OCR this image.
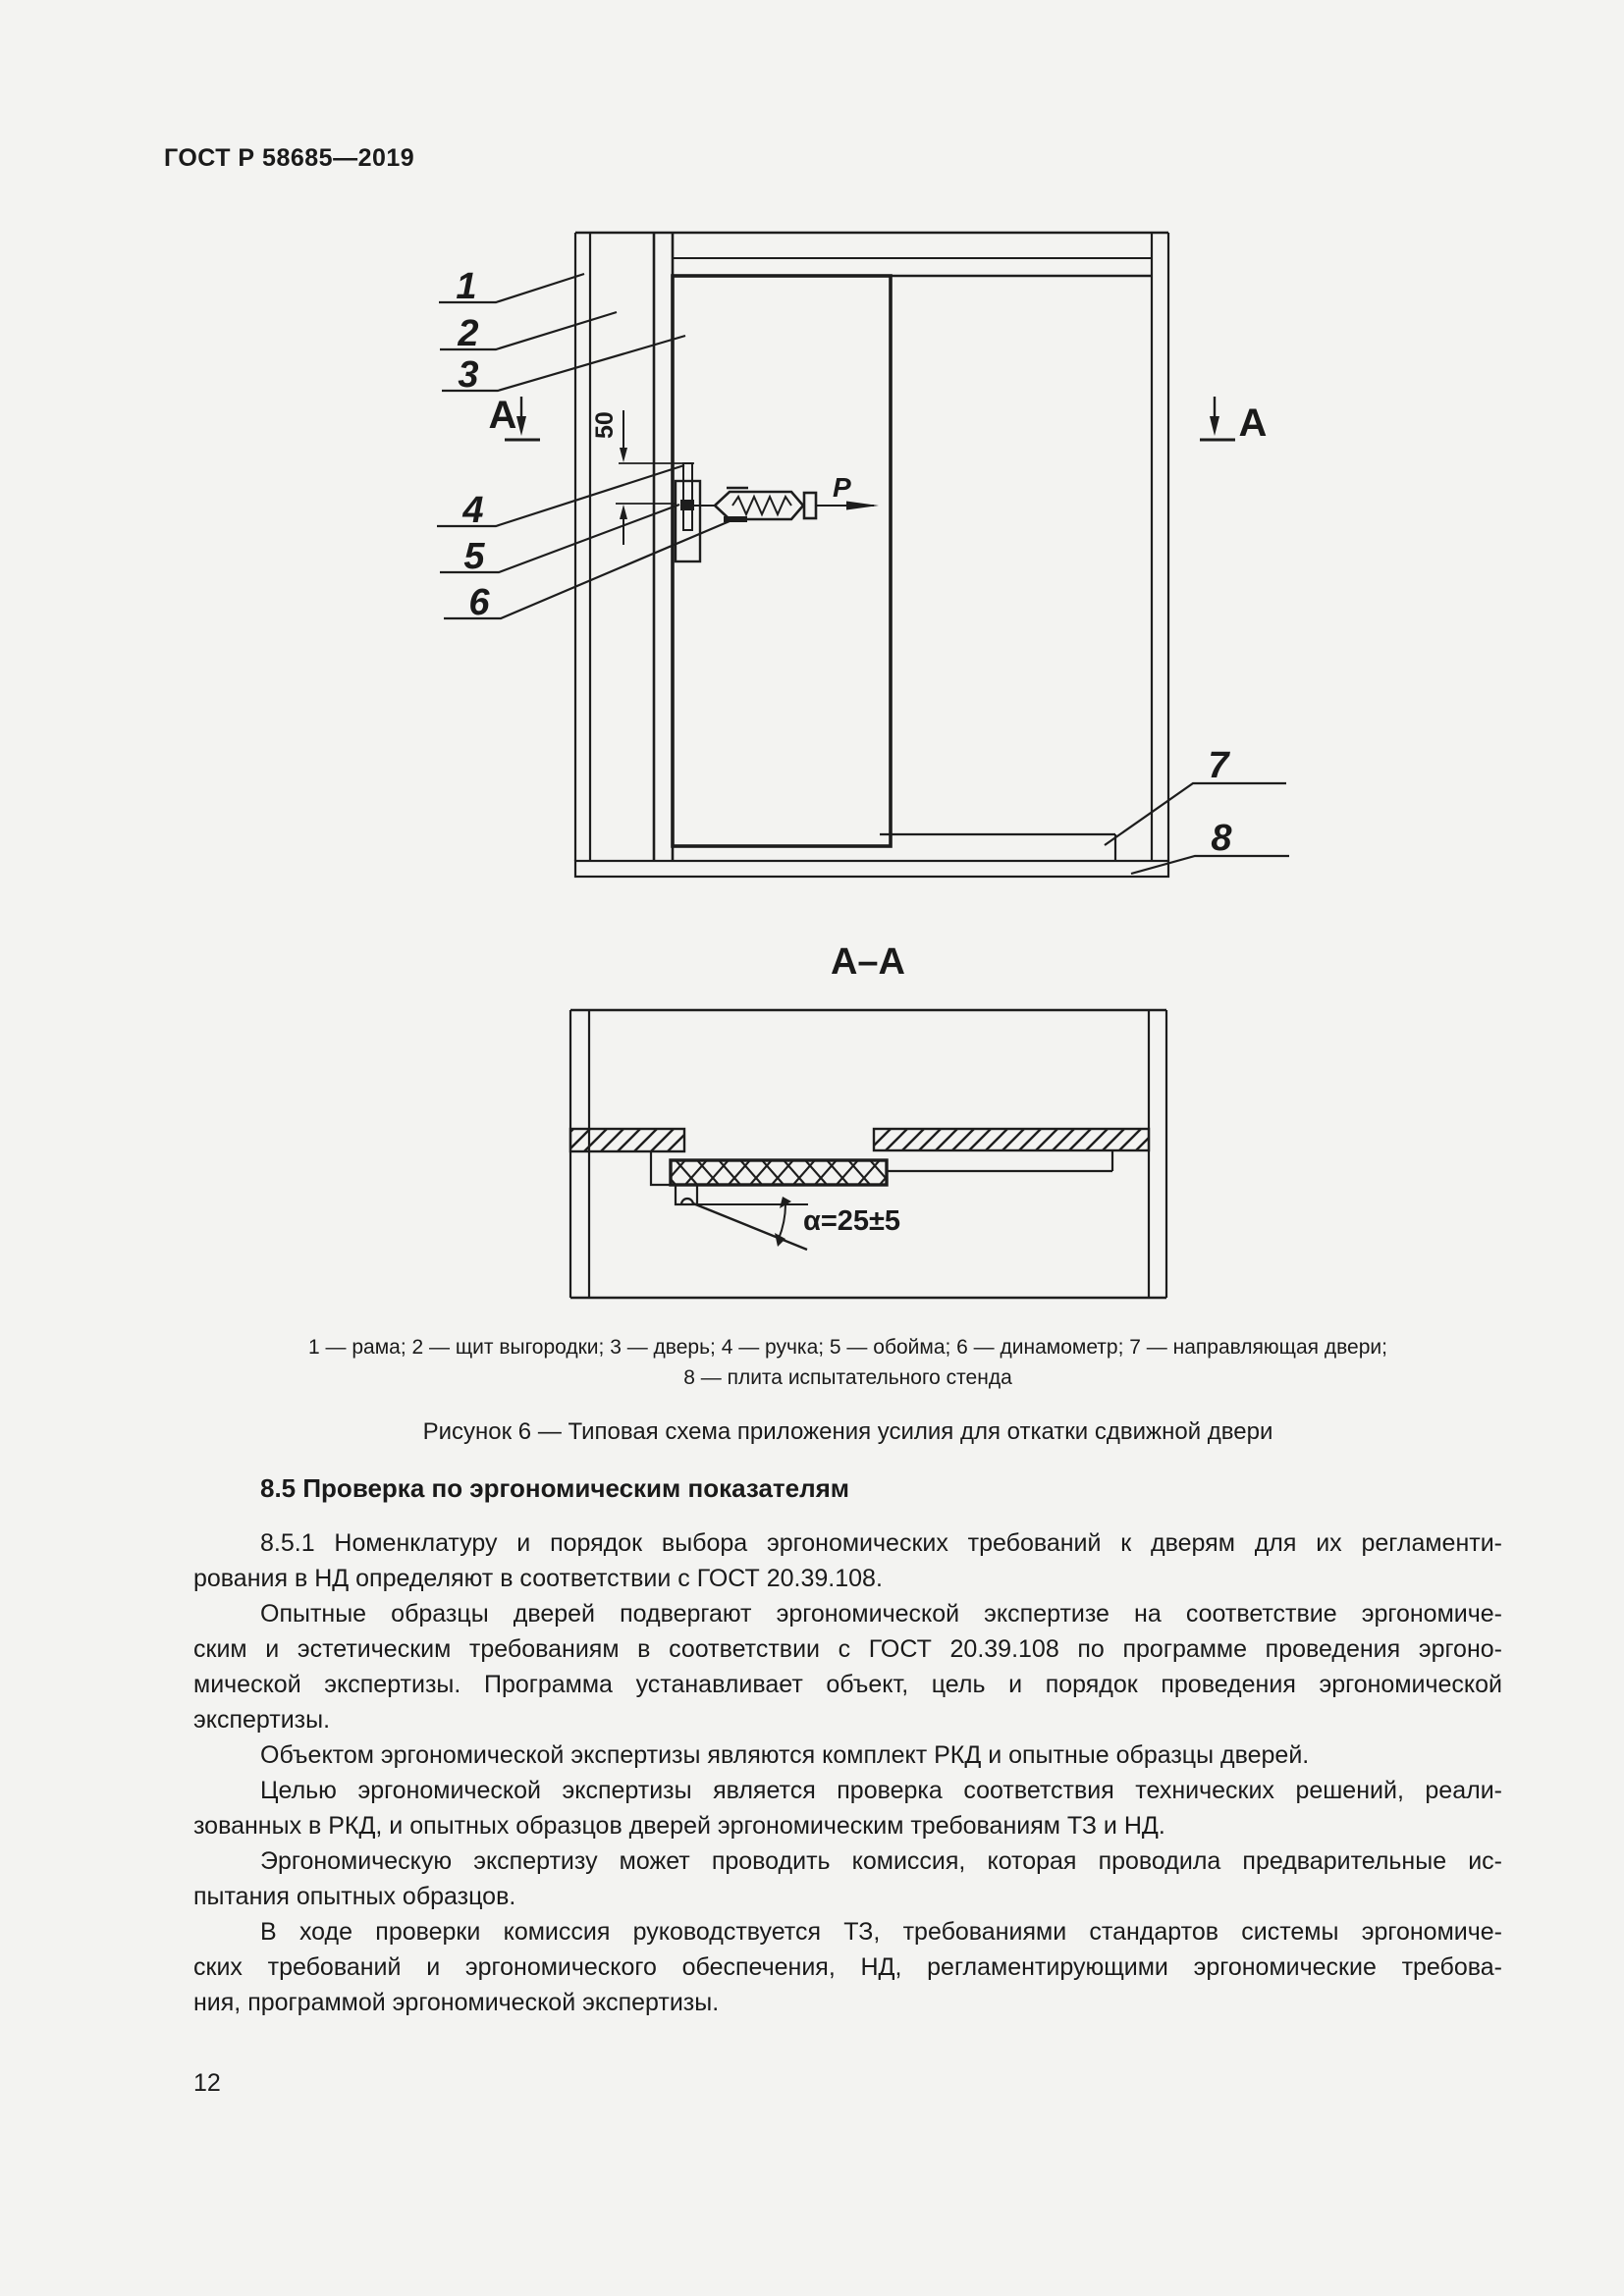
ГОСТ Р 58685—2019
1
2
3
4
5
6
7
8
А	А
50
P
А–А
α=25±5
1 — рама; 2 — щит выгородки; 3 — дверь; 4 — ручка; 5 — обойма; 6 — динамометр; 7 — направляющая двери;
8 — плита испытательного стенда
Рисунок 6 — Типовая схема приложения усилия для откатки сдвижной двери
8.5 Проверка по эргономическим показателям
8.5.1 Номенклатуру и порядок выбора эргономических требований к дверям для их регламенти-
рования в НД определяют в соответствии с ГОСТ 20.39.108.
Опытные образцы дверей подвергают эргономической экспертизе на соответствие эргономиче-
ским и эстетическим требованиям в соответствии с ГОСТ 20.39.108 по программе проведения эргоно-
мической экспертизы. Программа устанавливает объект, цель и порядок проведения эргономической
экспертизы.
Объектом эргономической экспертизы являются комплект РКД и опытные образцы дверей.
Целью эргономической экспертизы является проверка соответствия технических решений, реали-
зованных в РКД, и опытных образцов дверей эргономическим требованиям ТЗ и НД.
Эргономическую экспертизу может проводить комиссия, которая проводила предварительные ис-
пытания опытных образцов.
В ходе проверки комиссия руководствуется ТЗ, требованиями стандартов системы эргономиче-
ских требований и эргономического обеспечения, НД, регламентирующими эргономические требова-
ния, программой эргономической экспертизы.
12
